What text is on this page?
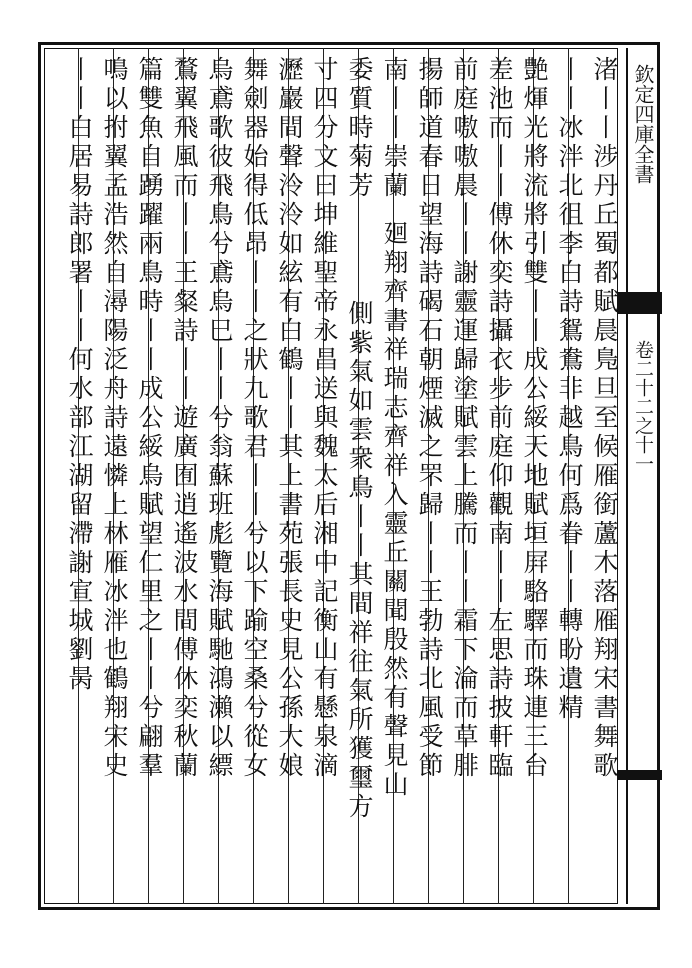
欽定四庫全書
卷二十二之十一
渚丨丨涉丹丘蜀都賦晨鳬旦至候雁銜蘆木落雁翔宋書舞歌
丨丨冰泮北徂李白詩鴛鴦非越鳥何爲眷丨丨轉盼遺精
艶煇光將流將引雙丨丨成公綏天地賦垣屛駱驛而珠連三台
差池而丨丨傅休奕詩攝衣步前庭仰觀南丨丨左思詩披軒臨
前庭嗷嗷晨丨丨謝靈運歸塗賦雲上騰而丨丨霜下淪而草腓
揚師道春日望海詩碣石朝煙滅之罘歸丨丨王勃詩北風受節
南丨丨崇蘭
委質時菊芳
廻翔齊書祥瑞志齊祥入靈丘關聞殷然有聲見山
側紫氣如雲衆鳥丨丨其間祥往氣所獲璽方
寸四分文曰坤維聖帝永昌送與魏太后湘中記衡山有懸泉滴
瀝巖間聲泠泠如絃有白鶴丨丨其上書苑張長史見公孫大娘
舞劍器始得低昂丨丨之狀九歌君丨丨兮以下踰空桑兮從女
烏鳶歌彼飛鳥兮鳶烏巳丨丨兮翁蘇班彪覽海賦馳鴻瀨以縹
鶩翼飛風而丨丨王粲詩丨丨遊廣囿逍遙波水間傅休奕秋蘭
篇雙魚自踴躍兩鳥時丨丨成公綏烏賦望仁里之丨丨兮翩羣
鳴以拊翼孟浩然自潯陽泛舟詩遠憐上林雁冰泮也鶴翔宋史
丨丨白居易詩郎署丨丨何水部江湖留滯謝宣城劉昺
